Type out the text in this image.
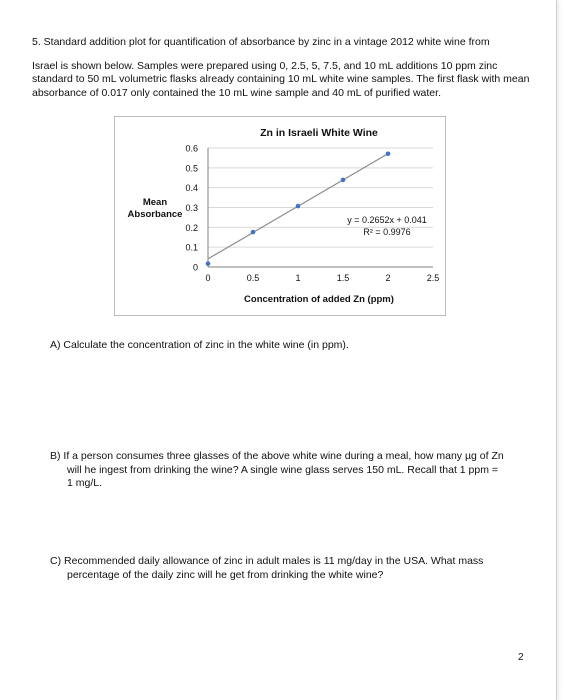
5. Standard addition plot for quantification of absorbance by zinc in a vintage 2012 white wine from
Israel is shown below. Samples were prepared using 0, 2.5, 5, 7.5, and 10 mL additions 10 ppm zinc standard to 50 mL volumetric flasks already containing 10 mL white wine samples. The first flask with mean absorbance of 0.017 only contained the 10 mL wine sample and 40 mL of purified water.
Zn in Israeli White Wine
0
0.1
0.2
0.3
0.4
0.5
0.6
0	0.5	1	1.5	2	2.5
Mean
Absorbance
Concentration of added Zn (ppm)
y = 0.2652x + 0.041
R² = 0.9976
A) Calculate the concentration of zinc in the white wine (in ppm).
B) If a person consumes three glasses of the above white wine during a meal, how many µg of Zn
will he ingest from drinking the wine? A single wine glass serves 150 mL. Recall that 1 ppm =
1 mg/L.
C) Recommended daily allowance of zinc in adult males is 11 mg/day in the USA. What mass
percentage of the daily zinc will he get from drinking the white wine?
2
